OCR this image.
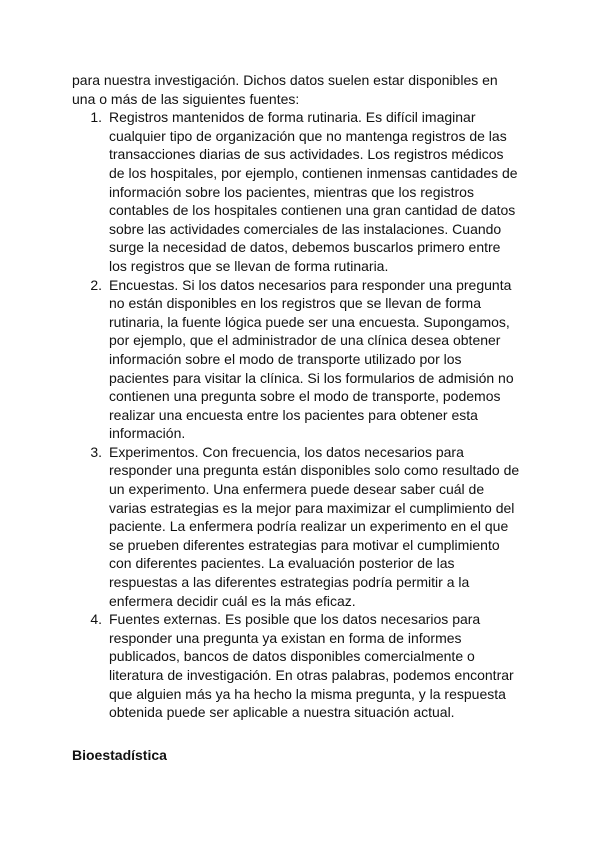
para nuestra investigación. Dichos datos suelen estar disponibles en una o más de las siguientes fuentes:

1. Registros mantenidos de forma rutinaria. Es difícil imaginar cualquier tipo de organización que no mantenga registros de las transacciones diarias de sus actividades. Los registros médicos de los hospitales, por ejemplo, contienen inmensas cantidades de información sobre los pacientes, mientras que los registros contables de los hospitales contienen una gran cantidad de datos sobre las actividades comerciales de las instalaciones. Cuando surge la necesidad de datos, debemos buscarlos primero entre los registros que se llevan de forma rutinaria.
2. Encuestas. Si los datos necesarios para responder una pregunta no están disponibles en los registros que se llevan de forma rutinaria, la fuente lógica puede ser una encuesta. Supongamos, por ejemplo, que el administrador de una clínica desea obtener información sobre el modo de transporte utilizado por los pacientes para visitar la clínica. Si los formularios de admisión no contienen una pregunta sobre el modo de transporte, podemos realizar una encuesta entre los pacientes para obtener esta información.
3. Experimentos. Con frecuencia, los datos necesarios para responder una pregunta están disponibles solo como resultado de un experimento. Una enfermera puede desear saber cuál de varias estrategias es la mejor para maximizar el cumplimiento del paciente. La enfermera podría realizar un experimento en el que se prueben diferentes estrategias para motivar el cumplimiento con diferentes pacientes. La evaluación posterior de las respuestas a las diferentes estrategias podría permitir a la enfermera decidir cuál es la más eficaz.
4. Fuentes externas. Es posible que los datos necesarios para responder una pregunta ya existan en forma de informes publicados, bancos de datos disponibles comercialmente o literatura de investigación. En otras palabras, podemos encontrar que alguien más ya ha hecho la misma pregunta, y la respuesta obtenida puede ser aplicable a nuestra situación actual.
Bioestadística
